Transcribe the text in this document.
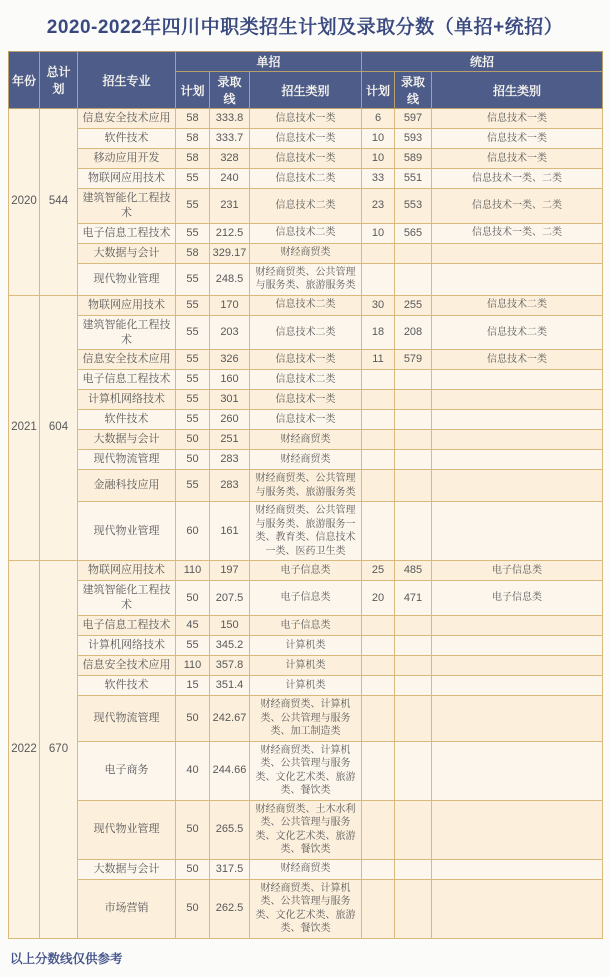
2020-2022年四川中职类招生计划及录取分数（单招+统招）
年份	总计划	招生专业	单招			统招		
			计划	录取线	招生类别	计划	录取线	招生类别
2020	544	信息安全技术应用	58	333.8	信息技术一类	6	597	信息技术一类
		软件技术	58	333.7	信息技术一类	10	593	信息技术一类
		移动应用开发	58	328	信息技术一类	10	589	信息技术一类
		物联网应用技术	55	240	信息技术二类	33	551	信息技术一类、二类
		建筑智能化工程技术	55	231	信息技术二类	23	553	信息技术一类、二类
		电子信息工程技术	55	212.5	信息技术二类	10	565	信息技术一类、二类
		大数据与会计	58	329.17	财经商贸类			
		现代物业管理	55	248.5	财经商贸类、公共管理与服务类、旅游服务类			
2021	604	物联网应用技术	55	170	信息技术二类	30	255	信息技术二类
		建筑智能化工程技术	55	203	信息技术二类	18	208	信息技术二类
		信息安全技术应用	55	326	信息技术一类	11	579	信息技术一类
		电子信息工程技术	55	160	信息技术二类			
		计算机网络技术	55	301	信息技术一类			
		软件技术	55	260	信息技术一类			
		大数据与会计	50	251	财经商贸类			
		现代物流管理	50	283	财经商贸类			
		金融科技应用	55	283	财经商贸类、公共管理与服务类、旅游服务类			
		现代物业管理	60	161	财经商贸类、公共管理与服务类、旅游服务一类、教育类、信息技术一类、医药卫生类			
2022	670	物联网应用技术	110	197	电子信息类	25	485	电子信息类
		建筑智能化工程技术	50	207.5	电子信息类	20	471	电子信息类
		电子信息工程技术	45	150	电子信息类			
		计算机网络技术	55	345.2	计算机类			
		信息安全技术应用	110	357.8	计算机类			
		软件技术	15	351.4	计算机类			
		现代物流管理	50	242.67	财经商贸类、计算机类、公共管理与服务类、加工制造类			
		电子商务	40	244.66	财经商贸类、计算机类、公共管理与服务类、文化艺术类、旅游类、餐饮类			
		现代物业管理	50	265.5	财经商贸类、土木水利类、公共管理与服务类、文化艺术类、旅游类、餐饮类			
		大数据与会计	50	317.5	财经商贸类			
		市场营销	50	262.5	财经商贸类、计算机类、公共管理与服务类、文化艺术类、旅游类、餐饮类			
以上分数线仅供参考
